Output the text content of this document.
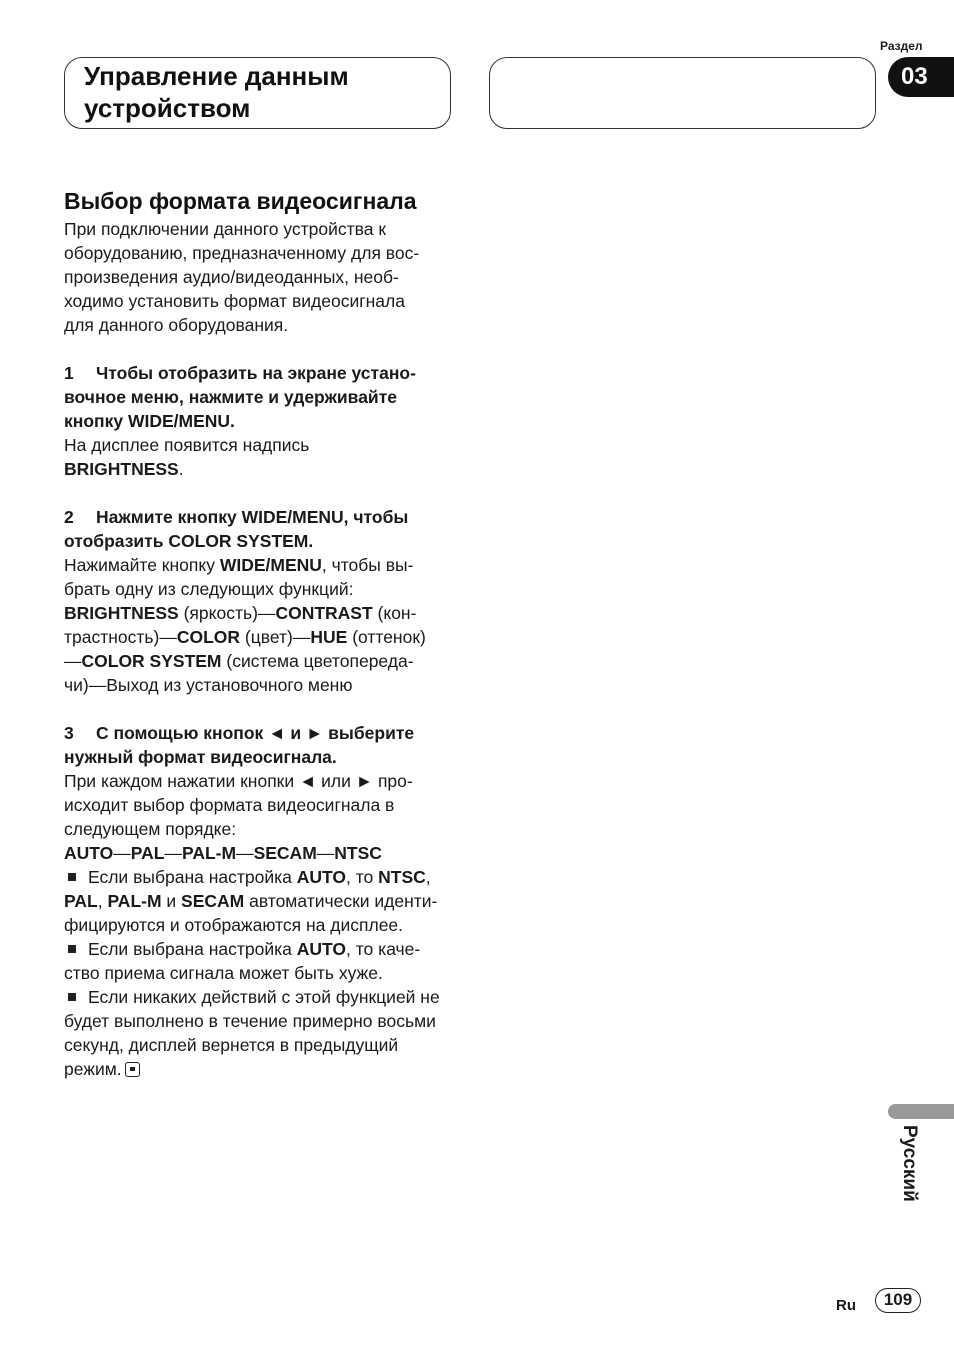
Управление данным
устройством
Раздел
03

Выбор формата видеосигнала

При подключении данного устройства к

оборудованию, предназначенному для вос-

произведения аудио/видеоданных, необ-

ходимо установить формат видеосигнала

для данного оборудования.

1 Чтобы отобразить на экране устано-

вочное меню, нажмите и удерживайте

кнопку WIDE/MENU.

На дисплее появится надпись

BRIGHTNESS.

2 Нажмите кнопку WIDE/MENU, чтобы

отобразить COLOR SYSTEM.

Нажимайте кнопку WIDE/MENU, чтобы вы-

брать одну из следующих функций:

BRIGHTNESS (яркость)—CONTRAST (кон-

трастность)—COLOR (цвет)—HUE (оттенок)

—COLOR SYSTEM (система цветопереда-

чи)—Выход из установочного меню

3 С помощью кнопок ◄ и ► выберите

нужный формат видеосигнала.

При каждом нажатии кнопки ◄ или ► про-

исходит выбор формата видеосигнала в

следующем порядке:

AUTO—PAL—PAL-M—SECAM—NTSC

Если выбрана настройка AUTO, то NTSC,

PAL, PAL-M и SECAM автоматически иденти-

фицируются и отображаются на дисплее.

Если выбрана настройка AUTO, то каче-

ство приема сигнала может быть хуже.

Если никаких действий с этой функцией не

будет выполнено в течение примерно восьми

секунд, дисплей вернется в предыдущий

режим.

Русский
Ru	109
